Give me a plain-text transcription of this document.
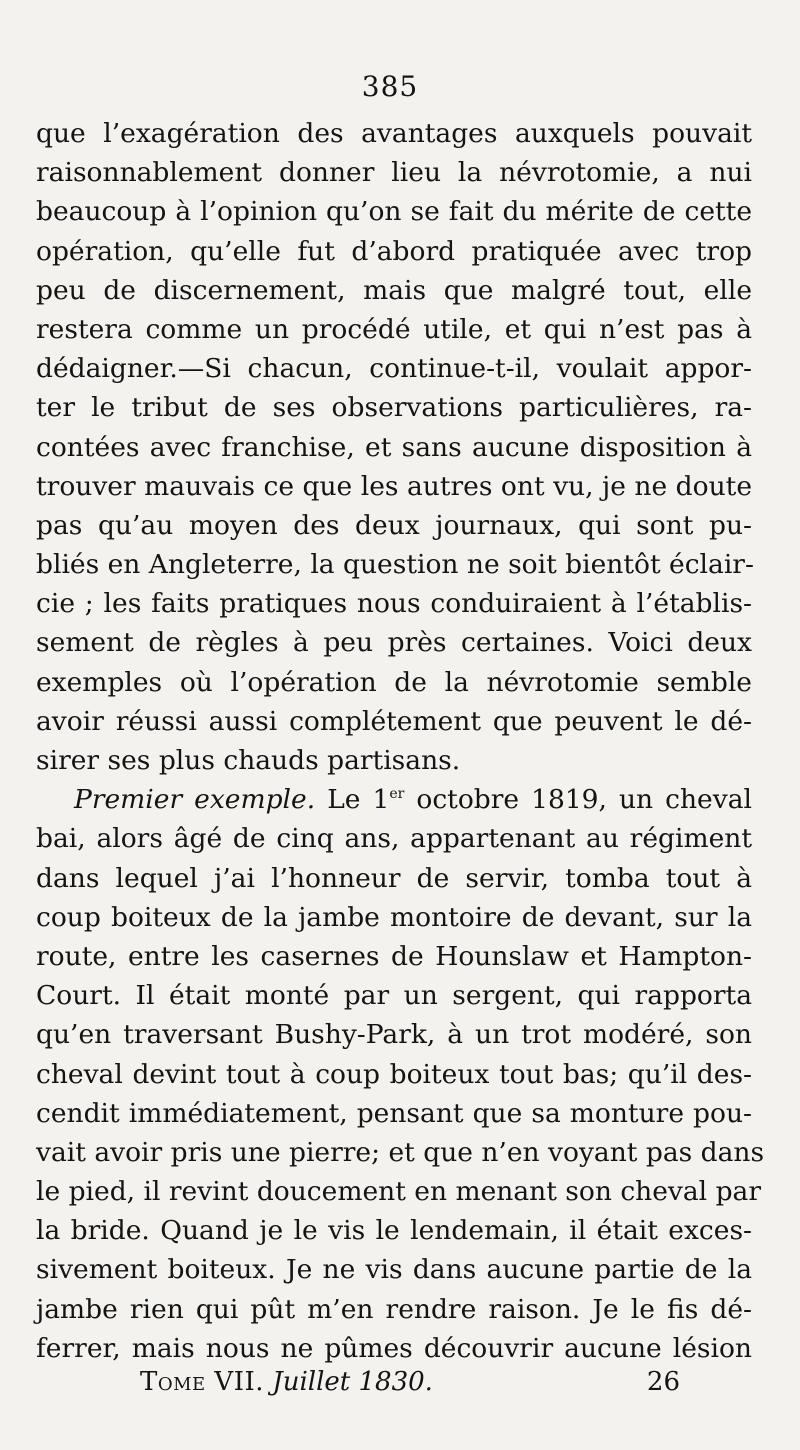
385
que l’exagération des avantages auxquels pouvait
raisonnablement donner lieu la névrotomie, a nui
beaucoup à l’opinion qu’on se fait du mérite de cette
opération, qu’elle fut d’abord pratiquée avec trop
peu de discernement, mais que malgré tout, elle
restera comme un procédé utile, et qui n’est pas à
dédaigner.—Si chacun, continue-t-il, voulait appor-
ter le tribut de ses observations particulières, ra-
contées avec franchise, et sans aucune disposition à
trouver mauvais ce que les autres ont vu, je ne doute
pas qu’au moyen des deux journaux, qui sont pu-
bliés en Angleterre, la question ne soit bientôt éclair-
cie ; les faits pratiques nous conduiraient à l’établis-
sement de règles à peu près certaines. Voici deux
exemples où l’opération de la névrotomie semble
avoir réussi aussi complétement que peuvent le dé-
sirer ses plus chauds partisans.
Premier exemple. Le 1er octobre 1819, un cheval
bai, alors âgé de cinq ans, appartenant au régiment
dans lequel j’ai l’honneur de servir, tomba tout à
coup boiteux de la jambe montoire de devant, sur la
route, entre les casernes de Hounslaw et Hampton-
Court. Il était monté par un sergent, qui rapporta
qu’en traversant Bushy-Park, à un trot modéré, son
cheval devint tout à coup boiteux tout bas; qu’il des-
cendit immédiatement, pensant que sa monture pou-
vait avoir pris une pierre; et que n’en voyant pas dans
le pied, il revint doucement en menant son cheval par
la bride. Quand je le vis le lendemain, il était exces-
sivement boiteux. Je ne vis dans aucune partie de la
jambe rien qui pût m’en rendre raison. Je le fis dé-
ferrer, mais nous ne pûmes découvrir aucune lésion
Tome VII. Juillet 1830.	26
